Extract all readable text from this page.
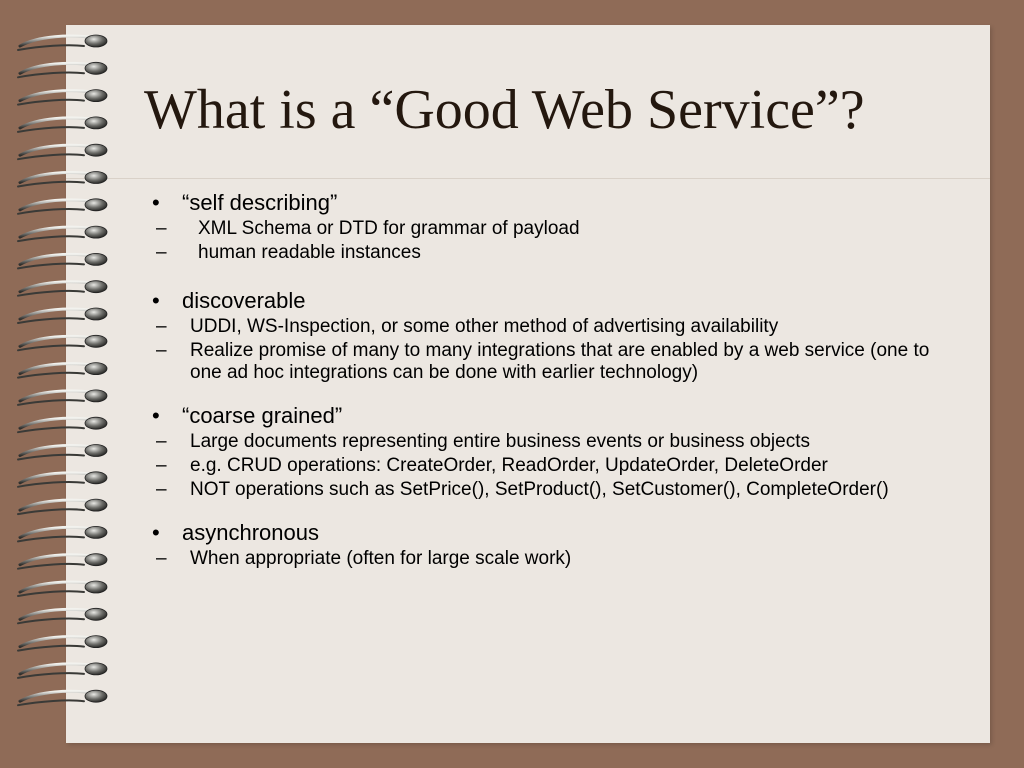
What is a “Good Web Service”?
• “self describing”
– XML Schema or DTD for grammar of payload
– human readable instances
• discoverable
– UDDI, WS-Inspection, or some other method of advertising availability
– Realize promise of many to many integrations that are enabled by a web service (one to one ad hoc integrations can be done with earlier technology)
• “coarse grained”
– Large documents representing entire business events or business objects
– e.g. CRUD operations: CreateOrder, ReadOrder, UpdateOrder, DeleteOrder
– NOT operations such as SetPrice(), SetProduct(), SetCustomer(), CompleteOrder()
• asynchronous
– When appropriate (often for large scale work)
